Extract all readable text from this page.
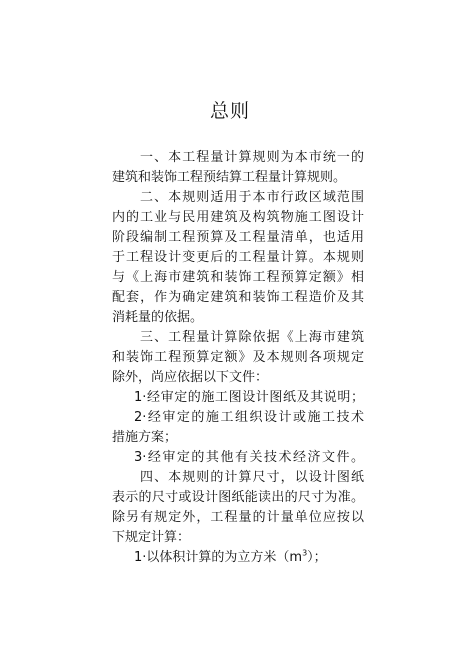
总则
一、本工程量计算规则为本市统一的
建筑和装饰工程预结算工程量计算规则。
二、本规则适用于本市行政区域范围
内的工业与民用建筑及构筑物施工图设计
阶段编制工程预算及工程量清单，也适用
于工程设计变更后的工程量计算。本规则
与《上海市建筑和装饰工程预算定额》相
配套，作为确定建筑和装饰工程造价及其
消耗量的依据。
三、工程量计算除依据《上海市建筑
和装饰工程预算定额》及本规则各项规定
除外，尚应依据以下文件：
1·经审定的施工图设计图纸及其说明；
2·经审定的施工组织设计或施工技术
措施方案；
3·经审定的其他有关技术经济文件。
四、本规则的计算尺寸，以设计图纸
表示的尺寸或设计图纸能读出的尺寸为准。
除另有规定外，工程量的计量单位应按以
下规定计算：
1·以体积计算的为立方米$(m^3)$；
